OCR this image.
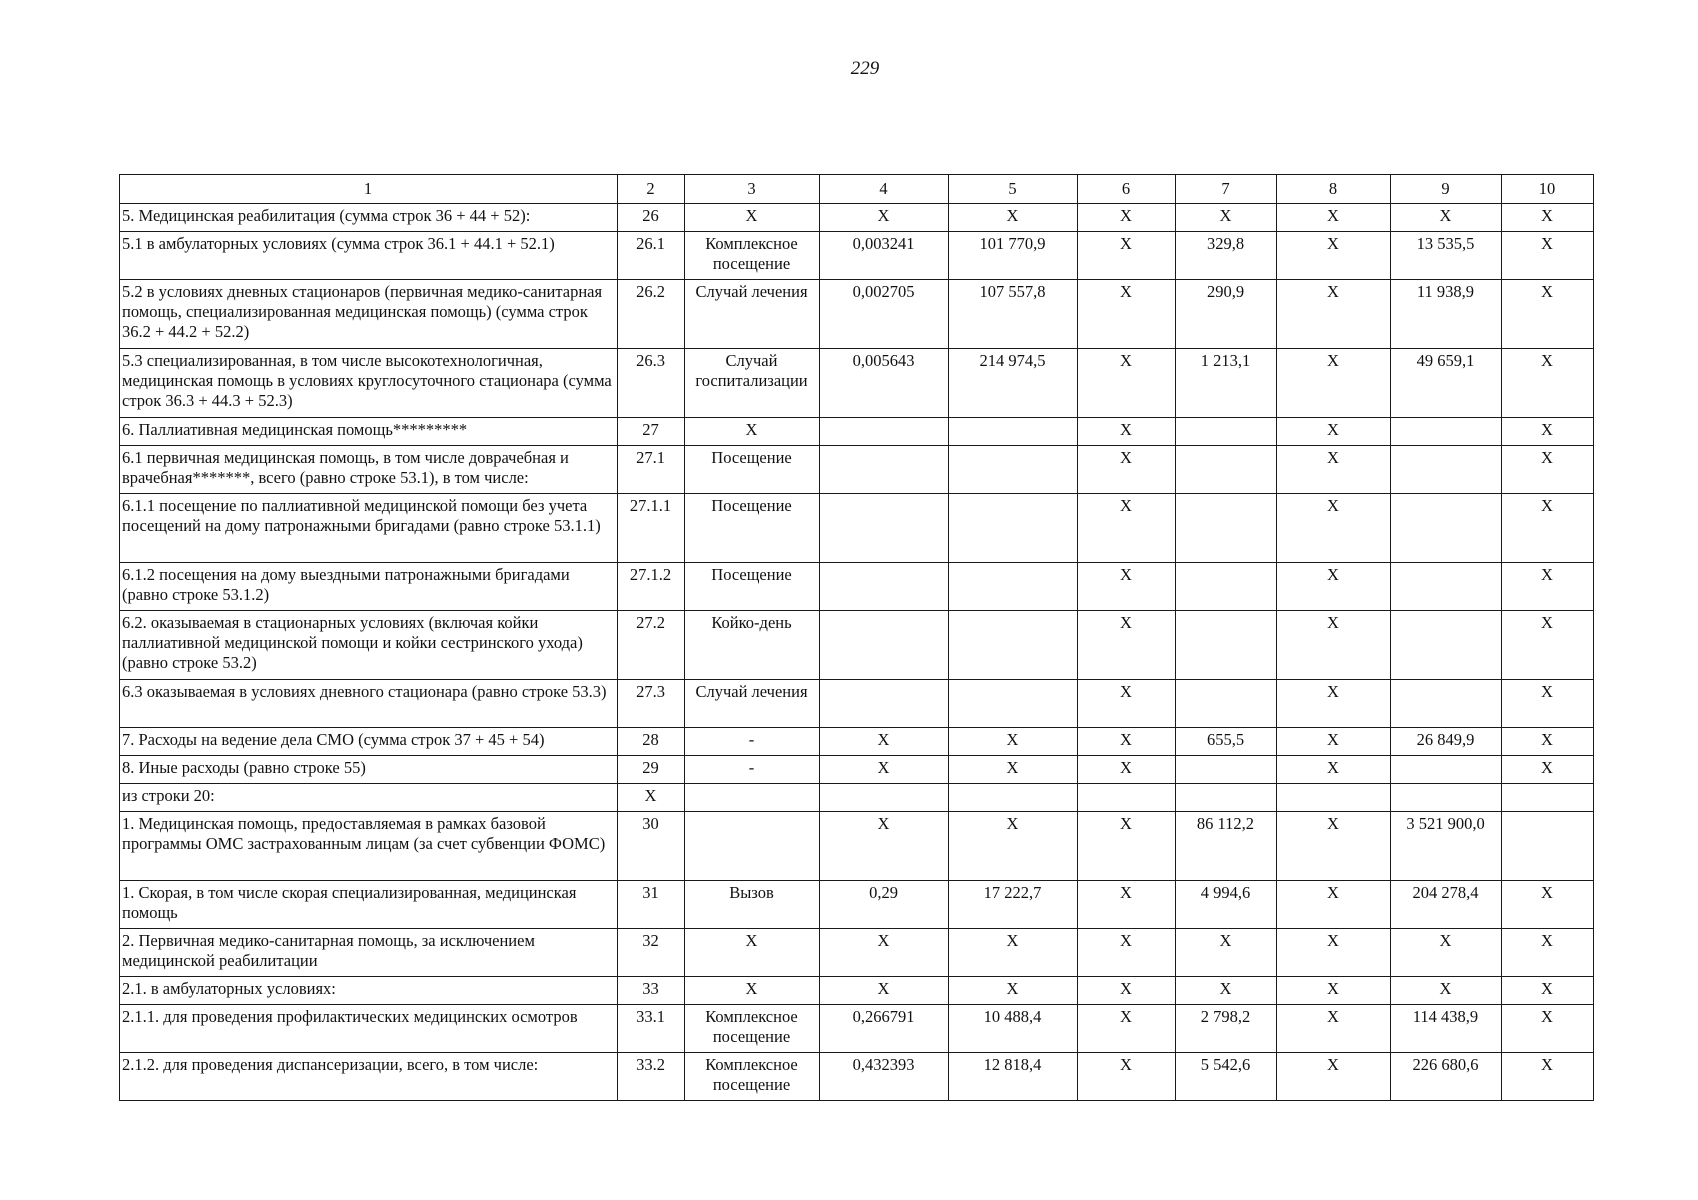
229
1	2	3	4	5	6	7	8	9	10
5. Медицинская реабилитация (сумма строк 36 + 44 + 52):	26	X	X	X	X	X	X	X	X
5.1 в амбулаторных условиях (сумма строк 36.1 + 44.1 + 52.1)	26.1	Комплексное посещение	0,003241	101 770,9	X	329,8	X	13 535,5	X
5.2 в условиях дневных стационаров (первичная медико-санитарная помощь, специализированная медицинская помощь) (сумма строк 36.2 + 44.2 + 52.2)	26.2	Случай лечения	0,002705	107 557,8	X	290,9	X	11 938,9	X
5.3 специализированная, в том числе высокотехнологичная, медицинская помощь в условиях круглосуточного стационара (сумма строк 36.3 + 44.3 + 52.3)	26.3	Случай госпитализации	0,005643	214 974,5	X	1 213,1	X	49 659,1	X
6. Паллиативная медицинская помощь*********	27	X			X		X		X
6.1 первичная медицинская помощь, в том числе доврачебная и врачебная*******, всего (равно строке 53.1), в том числе:	27.1	Посещение			X		X		X
6.1.1 посещение по паллиативной медицинской помощи без учета посещений на дому патронажными бригадами (равно строке 53.1.1)	27.1.1	Посещение			X		X		X
6.1.2 посещения на дому выездными патронажными бригадами (равно строке 53.1.2)	27.1.2	Посещение			X		X		X
6.2. оказываемая в стационарных условиях (включая койки паллиативной медицинской помощи и койки сестринского ухода) (равно строке 53.2)	27.2	Койко-день			X		X		X
6.3 оказываемая в условиях дневного стационара (равно строке 53.3)	27.3	Случай лечения			X		X		X
7. Расходы на ведение дела СМО (сумма строк 37 + 45 + 54)	28	-	X	X	X	655,5	X	26 849,9	X
8. Иные расходы (равно строке 55)	29	-	X	X	X		X		X
из строки 20:	X								
1. Медицинская помощь, предоставляемая в рамках базовой программы ОМС застрахованным лицам (за счет субвенции ФОМС)	30		X	X	X	86 112,2	X	3 521 900,0	
1. Скорая, в том числе скорая специализированная, медицинская помощь	31	Вызов	0,29	17 222,7	X	4 994,6	X	204 278,4	X
2. Первичная медико-санитарная помощь, за исключением медицинской реабилитации	32	X	X	X	X	X	X	X	X
2.1. в амбулаторных условиях:	33	X	X	X	X	X	X	X	X
2.1.1. для проведения профилактических медицинских осмотров	33.1	Комплексное посещение	0,266791	10 488,4	X	2 798,2	X	114 438,9	X
2.1.2. для проведения диспансеризации, всего, в том числе:	33.2	Комплексное посещение	0,432393	12 818,4	X	5 542,6	X	226 680,6	X
